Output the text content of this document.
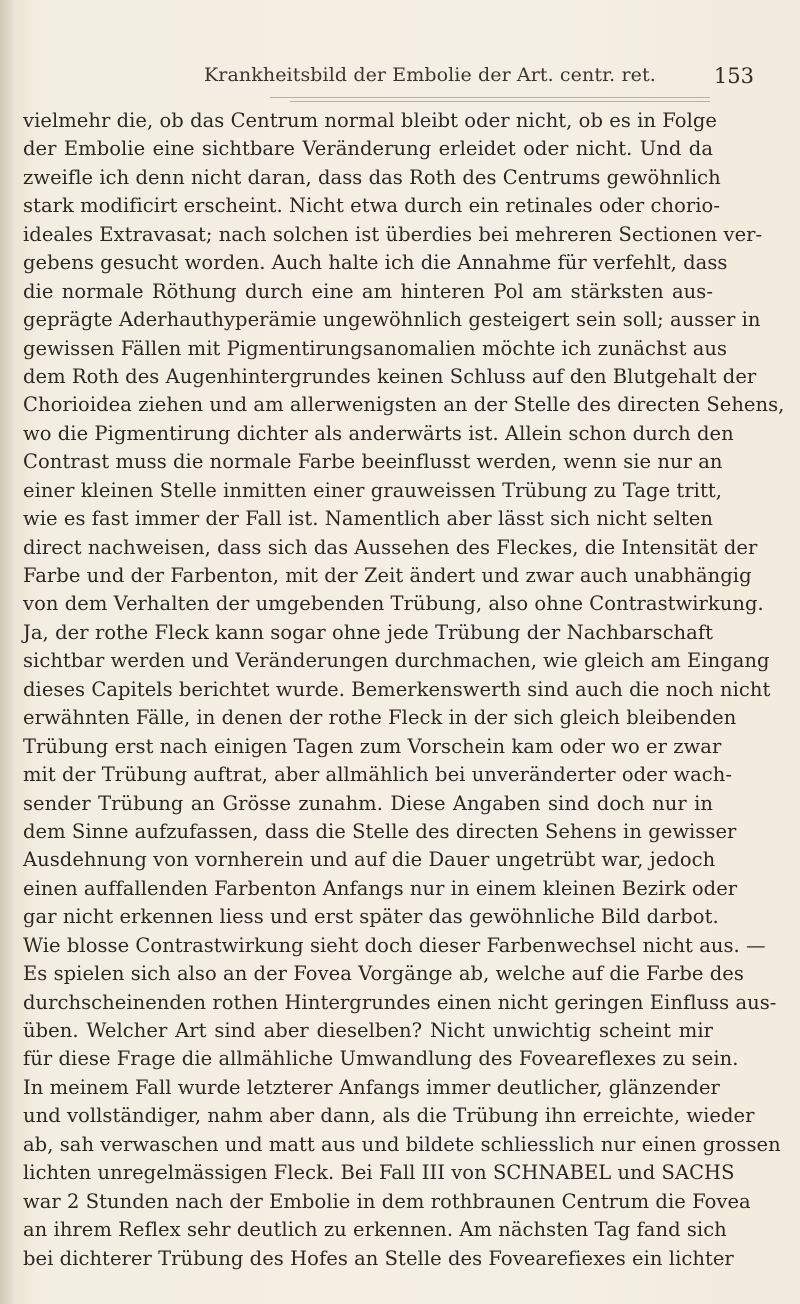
Krankheitsbild der Embolie der Art. centr. ret.	153
vielmehr die, ob das Centrum normal bleibt oder nicht, ob es in Folge
der Embolie eine sichtbare Veränderung erleidet oder nicht. Und da
zweifle ich denn nicht daran, dass das Roth des Centrums gewöhnlich
stark modificirt erscheint. Nicht etwa durch ein retinales oder chorio-
ideales Extravasat; nach solchen ist überdies bei mehreren Sectionen ver-
gebens gesucht worden. Auch halte ich die Annahme für verfehlt, dass
die normale Röthung durch eine am hinteren Pol am stärksten aus-
geprägte Aderhauthyperämie ungewöhnlich gesteigert sein soll; ausser in
gewissen Fällen mit Pigmentirungsanomalien möchte ich zunächst aus
dem Roth des Augenhintergrundes keinen Schluss auf den Blutgehalt der
Chorioidea ziehen und am allerwenigsten an der Stelle des directen Sehens,
wo die Pigmentirung dichter als anderwärts ist. Allein schon durch den
Contrast muss die normale Farbe beeinflusst werden, wenn sie nur an
einer kleinen Stelle inmitten einer grauweissen Trübung zu Tage tritt,
wie es fast immer der Fall ist. Namentlich aber lässt sich nicht selten
direct nachweisen, dass sich das Aussehen des Fleckes, die Intensität der
Farbe und der Farbenton, mit der Zeit ändert und zwar auch unabhängig
von dem Verhalten der umgebenden Trübung, also ohne Contrastwirkung.
Ja, der rothe Fleck kann sogar ohne jede Trübung der Nachbarschaft
sichtbar werden und Veränderungen durchmachen, wie gleich am Eingang
dieses Capitels berichtet wurde. Bemerkenswerth sind auch die noch nicht
erwähnten Fälle, in denen der rothe Fleck in der sich gleich bleibenden
Trübung erst nach einigen Tagen zum Vorschein kam oder wo er zwar
mit der Trübung auftrat, aber allmählich bei unveränderter oder wach-
sender Trübung an Grösse zunahm. Diese Angaben sind doch nur in
dem Sinne aufzufassen, dass die Stelle des directen Sehens in gewisser
Ausdehnung von vornherein und auf die Dauer ungetrübt war, jedoch
einen auffallenden Farbenton Anfangs nur in einem kleinen Bezirk oder
gar nicht erkennen liess und erst später das gewöhnliche Bild darbot.
Wie blosse Contrastwirkung sieht doch dieser Farbenwechsel nicht aus. —
Es spielen sich also an der Fovea Vorgänge ab, welche auf die Farbe des
durchscheinenden rothen Hintergrundes einen nicht geringen Einfluss aus-
üben. Welcher Art sind aber dieselben? Nicht unwichtig scheint mir
für diese Frage die allmähliche Umwandlung des Foveareflexes zu sein.
In meinem Fall wurde letzterer Anfangs immer deutlicher, glänzender
und vollständiger, nahm aber dann, als die Trübung ihn erreichte, wieder
ab, sah verwaschen und matt aus und bildete schliesslich nur einen grossen
lichten unregelmässigen Fleck. Bei Fall III von SCHNABEL und SACHS
war 2 Stunden nach der Embolie in dem rothbraunen Centrum die Fovea
an ihrem Reflex sehr deutlich zu erkennen. Am nächsten Tag fand sich
bei dichterer Trübung des Hofes an Stelle des Fovearefiexes ein lichter
